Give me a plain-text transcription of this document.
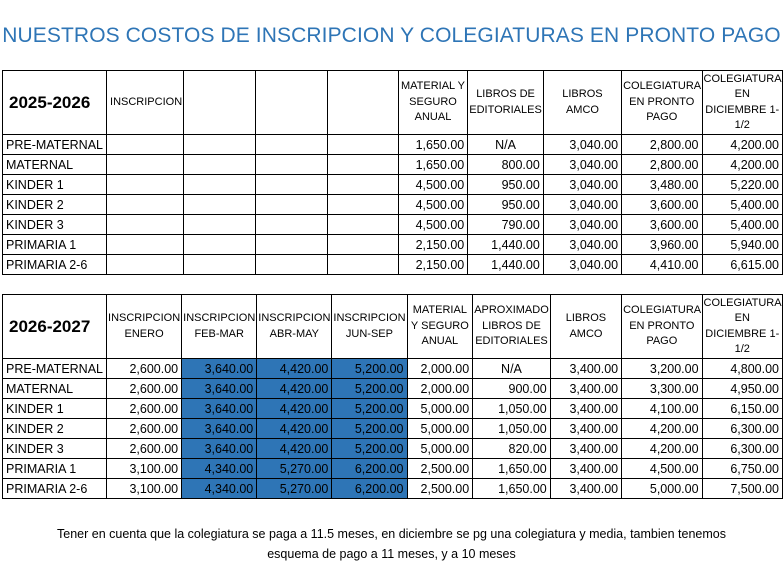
NUESTROS COSTOS DE INSCRIPCION Y COLEGIATURAS EN PRONTO PAGO
2025-2026	INSCRIPCION				MATERIAL Y SEGURO ANUAL	LIBROS DE EDITORIALES	LIBROS AMCO	COLEGIATURA EN PRONTO PAGO	COLEGIATURA EN DICIEMBRE 1-1/2
PRE-MATERNAL					1,650.00	N/A	3,040.00	2,800.00	4,200.00
MATERNAL					1,650.00	800.00	3,040.00	2,800.00	4,200.00
KINDER 1					4,500.00	950.00	3,040.00	3,480.00	5,220.00
KINDER 2					4,500.00	950.00	3,040.00	3,600.00	5,400.00
KINDER 3					4,500.00	790.00	3,040.00	3,600.00	5,400.00
PRIMARIA 1					2,150.00	1,440.00	3,040.00	3,960.00	5,940.00
PRIMARIA 2-6					2,150.00	1,440.00	3,040.00	4,410.00	6,615.00
2026-2027	INSCRIPCION ENERO	INSCRIPCION FEB-MAR	INSCRIPCION ABR-MAY	INSCRIPCION JUN-SEP	MATERIAL Y SEGURO ANUAL	APROXIMADO LIBROS DE EDITORIALES	LIBROS AMCO	COLEGIATURA EN PRONTO PAGO	COLEGIATURA EN DICIEMBRE 1-1/2
PRE-MATERNAL	2,600.00	3,640.00	4,420.00	5,200.00	2,000.00	N/A	3,400.00	3,200.00	4,800.00
MATERNAL	2,600.00	3,640.00	4,420.00	5,200.00	2,000.00	900.00	3,400.00	3,300.00	4,950.00
KINDER 1	2,600.00	3,640.00	4,420.00	5,200.00	5,000.00	1,050.00	3,400.00	4,100.00	6,150.00
KINDER 2	2,600.00	3,640.00	4,420.00	5,200.00	5,000.00	1,050.00	3,400.00	4,200.00	6,300.00
KINDER 3	2,600.00	3,640.00	4,420.00	5,200.00	5,000.00	820.00	3,400.00	4,200.00	6,300.00
PRIMARIA 1	3,100.00	4,340.00	5,270.00	6,200.00	2,500.00	1,650.00	3,400.00	4,500.00	6,750.00
PRIMARIA 2-6	3,100.00	4,340.00	5,270.00	6,200.00	2,500.00	1,650.00	3,400.00	5,000.00	7,500.00
Tener en cuenta que la colegiatura se paga a 11.5 meses, en diciembre se pg una colegiatura y media, tambien tenemos
esquema de pago a 11 meses, y a 10 meses
